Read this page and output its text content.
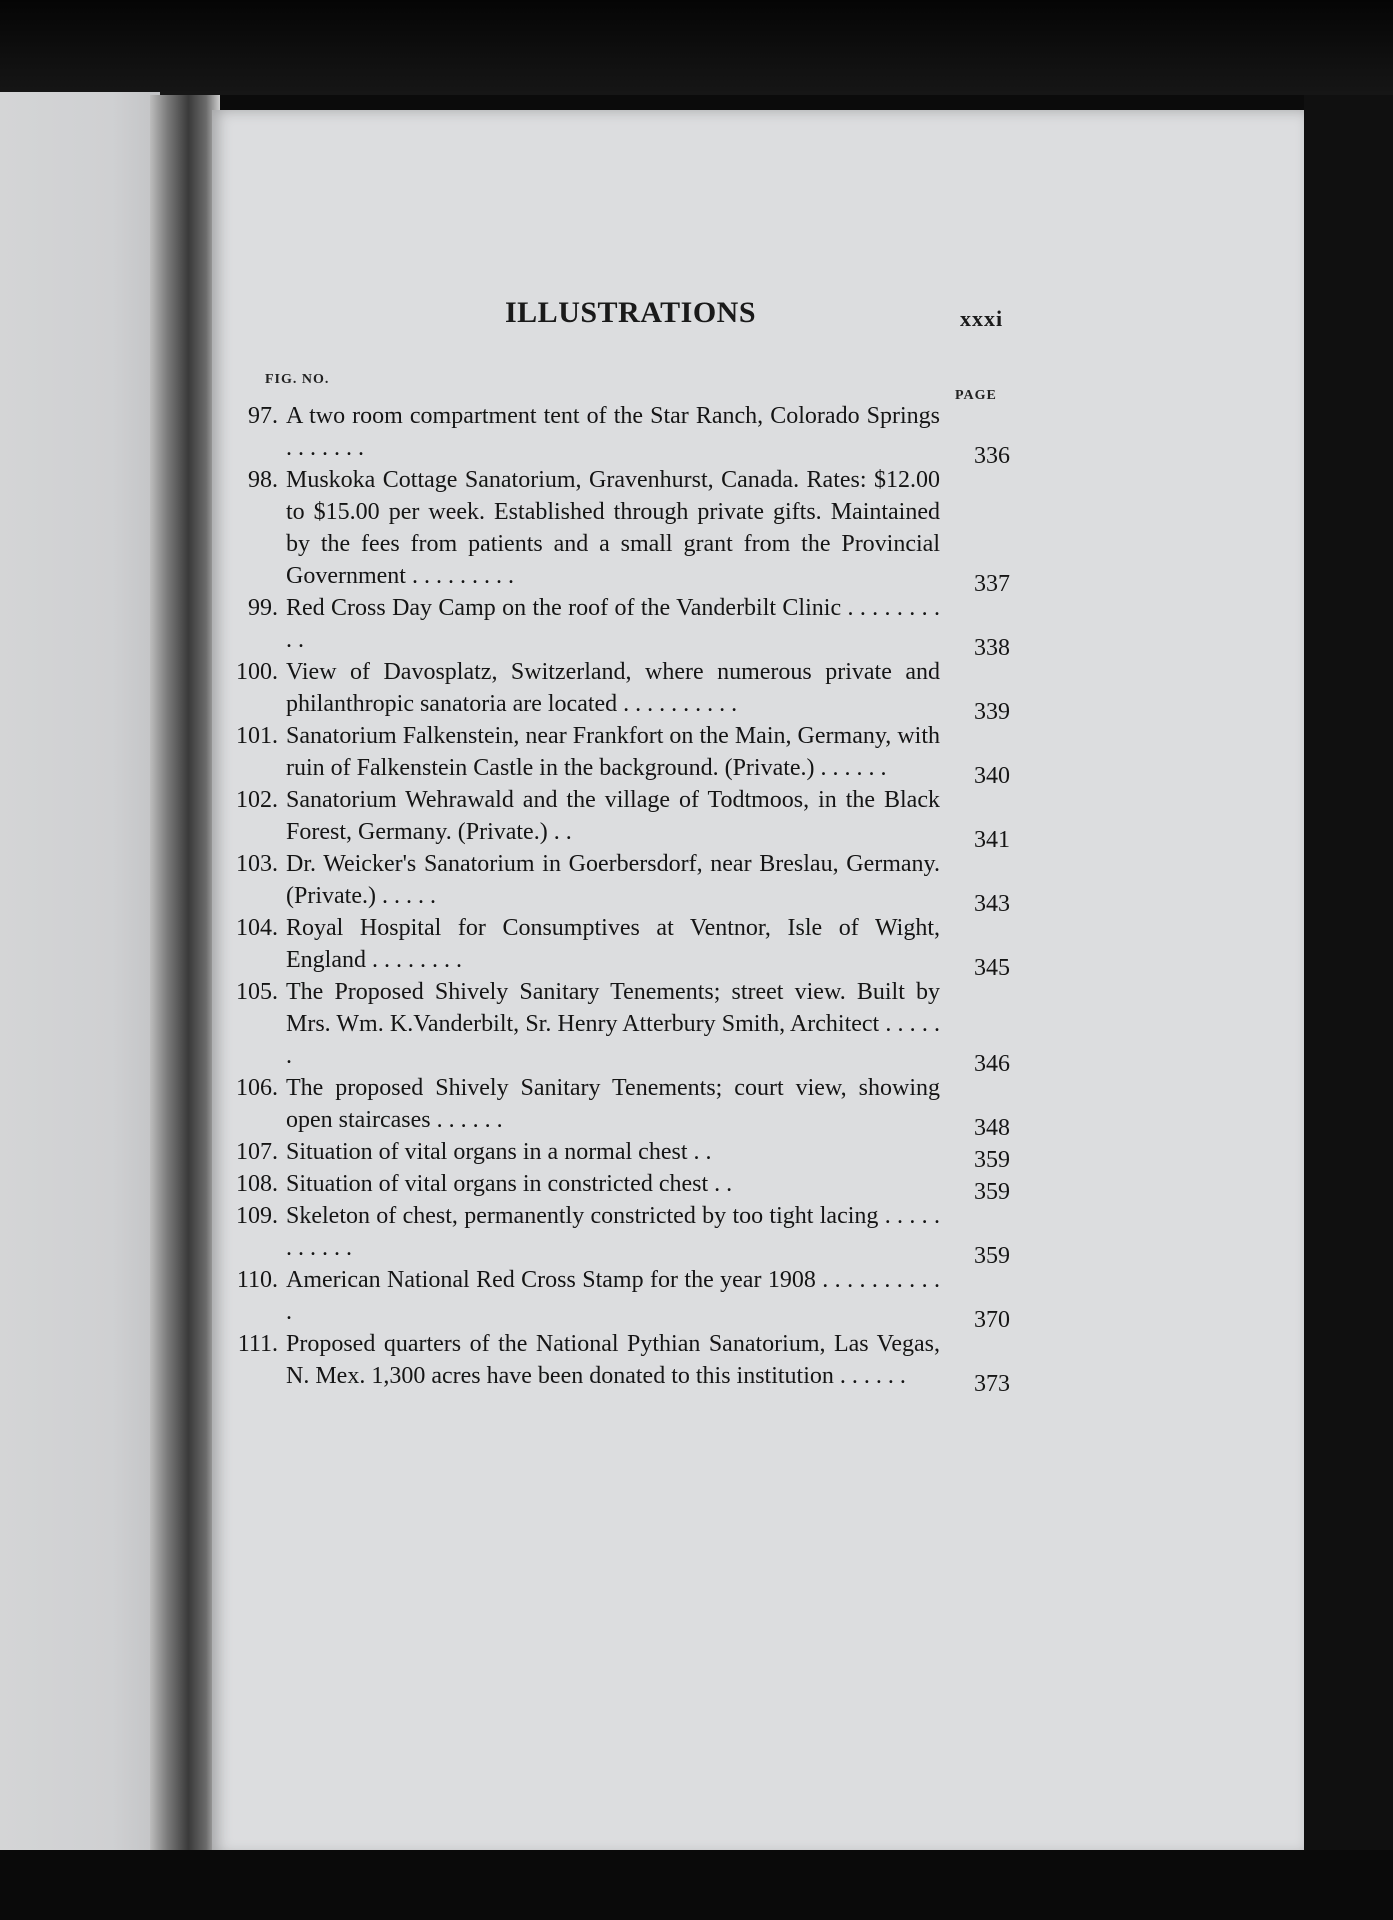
ILLUSTRATIONS	xxxi
FIG. NO.
PAGE
97. A two room compartment tent of the Star Ranch, Colorado Springs . . . . . . .	336
98. Muskoka Cottage Sanatorium, Gravenhurst, Canada. Rates: $12.00 to $15.00 per week. Established through private gifts. Maintained by the fees from patients and a small grant from the Provincial Government . . . . . . . . .	337
99. Red Cross Day Camp on the roof of the Vanderbilt Clinic . . . . . . . . . .	338
100. View of Davosplatz, Switzerland, where numerous private and philanthropic sanatoria are located . . . . . . . . . .	339
101. Sanatorium Falkenstein, near Frankfort on the Main, Germany, with ruin of Falkenstein Castle in the background. (Private.) . . . . . .	340
102. Sanatorium Wehrawald and the village of Todtmoos, in the Black Forest, Germany. (Private.) . .	341
103. Dr. Weicker's Sanatorium in Goerbersdorf, near Breslau, Germany. (Private.) . . . . .	343
104. Royal Hospital for Consumptives at Ventnor, Isle of Wight, England . . . . . . . .	345
105. The Proposed Shively Sanitary Tenements; street view. Built by Mrs. Wm. K.Vanderbilt, Sr. Henry Atterbury Smith, Architect . . . . . .	346
106. The proposed Shively Sanitary Tenements; court view, showing open staircases . . . . . .	348
107. Situation of vital organs in a normal chest . .	359
108. Situation of vital organs in constricted chest . .	359
109. Skeleton of chest, permanently constricted by too tight lacing . . . . . . . . . . .	359
110. American National Red Cross Stamp for the year 1908 . . . . . . . . . . .	370
111. Proposed quarters of the National Pythian Sanatorium, Las Vegas, N. Mex. 1,300 acres have been donated to this institution . . . . . .	373
